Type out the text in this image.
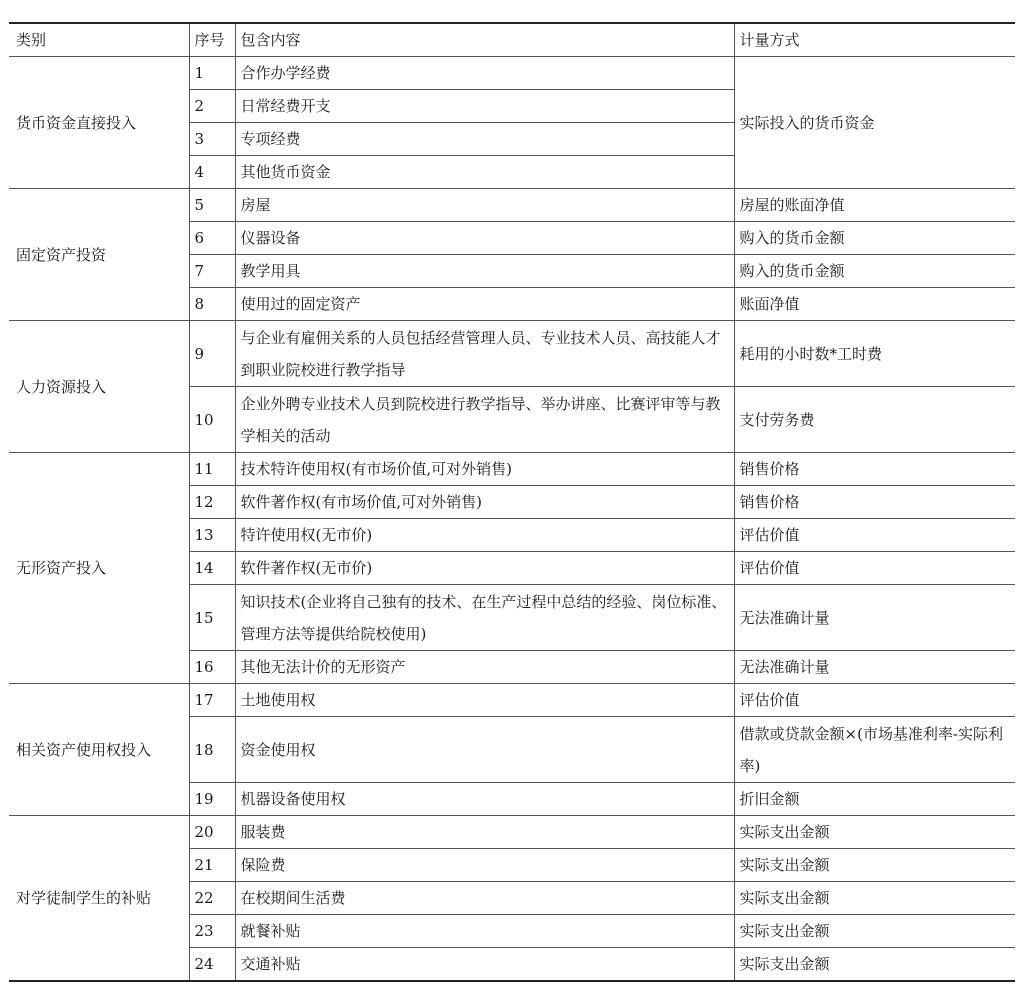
类别	序号	包含内容	计量方式
货币资金直接投入	1	合作办学经费	实际投入的货币资金
	2	日常经费开支	
	3	专项经费	
	4	其他货币资金	
固定资产投资	5	房屋	房屋的账面净值
	6	仪器设备	购入的货币金额
	7	教学用具	购入的货币金额
	8	使用过的固定资产	账面净值
人力资源投入	9	与企业有雇佣关系的人员包括经营管理人员、专业技术人员、高技能人才到职业院校进行教学指导	耗用的小时数*工时费
	10	企业外聘专业技术人员到院校进行教学指导、举办讲座、比赛评审等与教学相关的活动	支付劳务费
无形资产投入	11	技术特许使用权(有市场价值,可对外销售)	销售价格
	12	软件著作权(有市场价值,可对外销售)	销售价格
	13	特许使用权(无市价)	评估价值
	14	软件著作权(无市价)	评估价值
	15	知识技术(企业将自己独有的技术、在生产过程中总结的经验、岗位标准、管理方法等提供给院校使用)	无法准确计量
	16	其他无法计价的无形资产	无法准确计量
相关资产使用权投入	17	土地使用权	评估价值
	18	资金使用权	借款或贷款金额×(市场基准利率-实际利率)
	19	机器设备使用权	折旧金额
对学徒制学生的补贴	20	服装费	实际支出金额
	21	保险费	实际支出金额
	22	在校期间生活费	实际支出金额
	23	就餐补贴	实际支出金额
	24	交通补贴	实际支出金额
